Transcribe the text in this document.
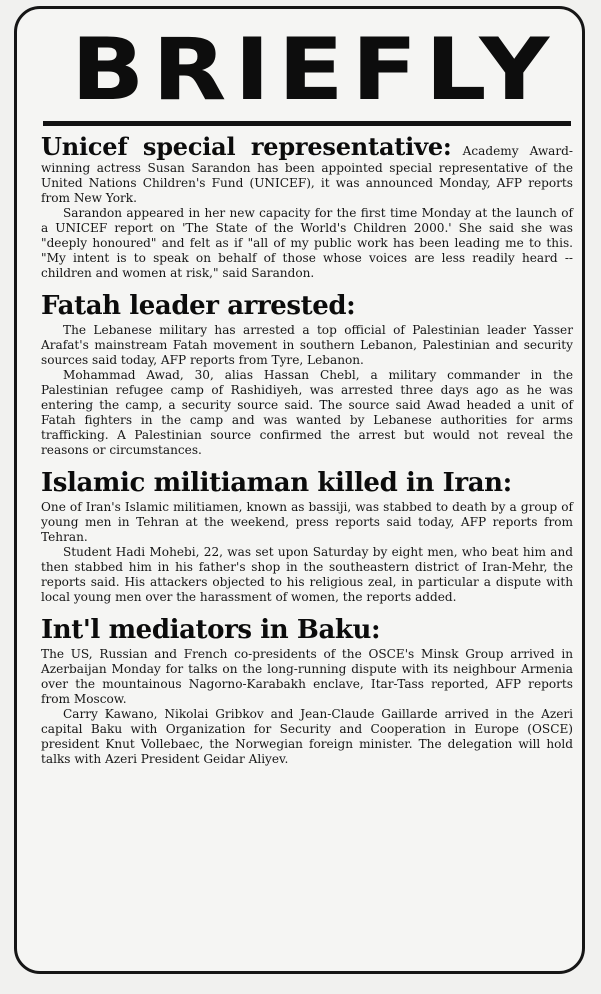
BRIEFLY

Unicef special representative: Academy Award-winning actress Susan Sarandon has been appointed special representative of the United Nations Children's Fund (UNICEF), it was announced Monday, AFP reports from New York.

Sarandon appeared in her new capacity for the first time Monday at the launch of a UNICEF report on 'The State of the World's Children 2000.' She said she was "deeply honoured" and felt as if "all of my public work has been leading me to this. "My intent is to speak on behalf of those whose voices are less readily heard -- children and women at risk," said Sarandon.

Fatah leader arrested:

The Lebanese military has arrested a top official of Palestinian leader Yasser Arafat's mainstream Fatah movement in southern Lebanon, Palestinian and security sources said today, AFP reports from Tyre, Lebanon.

Mohammad Awad, 30, alias Hassan Chebl, a military commander in the Palestinian refugee camp of Rashidiyeh, was arrested three days ago as he was entering the camp, a security source said. The source said Awad headed a unit of Fatah fighters in the camp and was wanted by Lebanese authorities for arms trafficking. A Palestinian source confirmed the arrest but would not reveal the reasons or circumstances.

Islamic militiaman killed in Iran:

One of Iran's Islamic militiamen, known as bassiji, was stabbed to death by a group of young men in Tehran at the weekend, press reports said today, AFP reports from Tehran.

Student Hadi Mohebi, 22, was set upon Saturday by eight men, who beat him and then stabbed him in his father's shop in the southeastern district of Iran-Mehr, the reports said. His attackers objected to his religious zeal, in particular a dispute with local young men over the harassment of women, the reports added.

Int'l mediators in Baku:

The US, Russian and French co-presidents of the OSCE's Minsk Group arrived in Azerbaijan Monday for talks on the long-running dispute with its neighbour Armenia over the mountainous Nagorno-Karabakh enclave, Itar-Tass reported, AFP reports from Moscow.

Carry Kawano, Nikolai Gribkov and Jean-Claude Gaillarde arrived in the Azeri capital Baku with Organization for Security and Cooperation in Europe (OSCE) president Knut Vollebaec, the Norwegian foreign minister. The delegation will hold talks with Azeri President Geidar Aliyev.
